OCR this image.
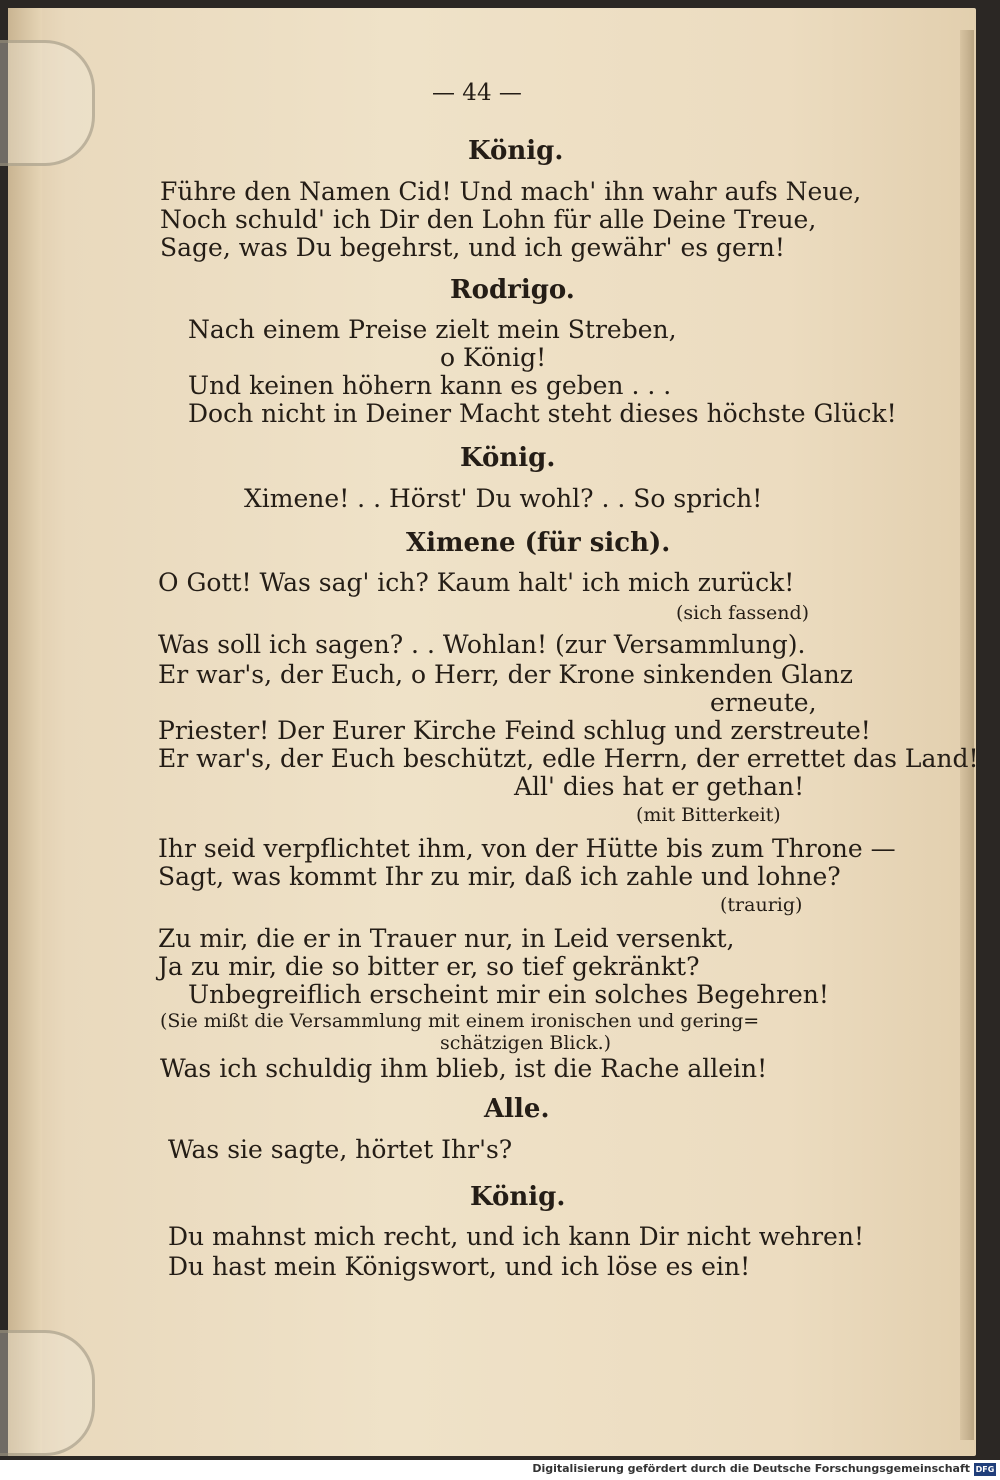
— 44 —
König.
Führe den Namen Cid! Und mach' ihn wahr aufs Neue,
Noch schuld' ich Dir den Lohn für alle Deine Treue,
Sage, was Du begehrst, und ich gewähr' es gern!
Rodrigo.
Nach einem Preise zielt mein Streben,
o König!
Und keinen höhern kann es geben . . .
Doch nicht in Deiner Macht steht dieses höchste Glück!
König.
Ximene! . . Hörst' Du wohl? . . So sprich!
Ximene (für sich).
O Gott! Was sag' ich? Kaum halt' ich mich zurück!
(sich fassend)
Was soll ich sagen? . . Wohlan! (zur Versammlung).
Er war's, der Euch, o Herr, der Krone sinkenden Glanz
erneute,
Priester! Der Eurer Kirche Feind schlug und zerstreute!
Er war's, der Euch beschützt, edle Herrn, der errettet das Land!
All' dies hat er gethan!
(mit Bitterkeit)
Ihr seid verpflichtet ihm, von der Hütte bis zum Throne —
Sagt, was kommt Ihr zu mir, daß ich zahle und lohne?
(traurig)
Zu mir, die er in Trauer nur, in Leid versenkt,
Ja zu mir, die so bitter er, so tief gekränkt?
Unbegreiflich erscheint mir ein solches Begehren!
(Sie mißt die Versammlung mit einem ironischen und gering=
schätzigen Blick.)
Was ich schuldig ihm blieb, ist die Rache allein!
Alle.
Was sie sagte, hörtet Ihr's?
König.
Du mahnst mich recht, und ich kann Dir nicht wehren!
Du hast mein Königswort, und ich löse es ein!
Digitalisierung gefördert durch die Deutsche Forschungsgemeinschaft DFG
